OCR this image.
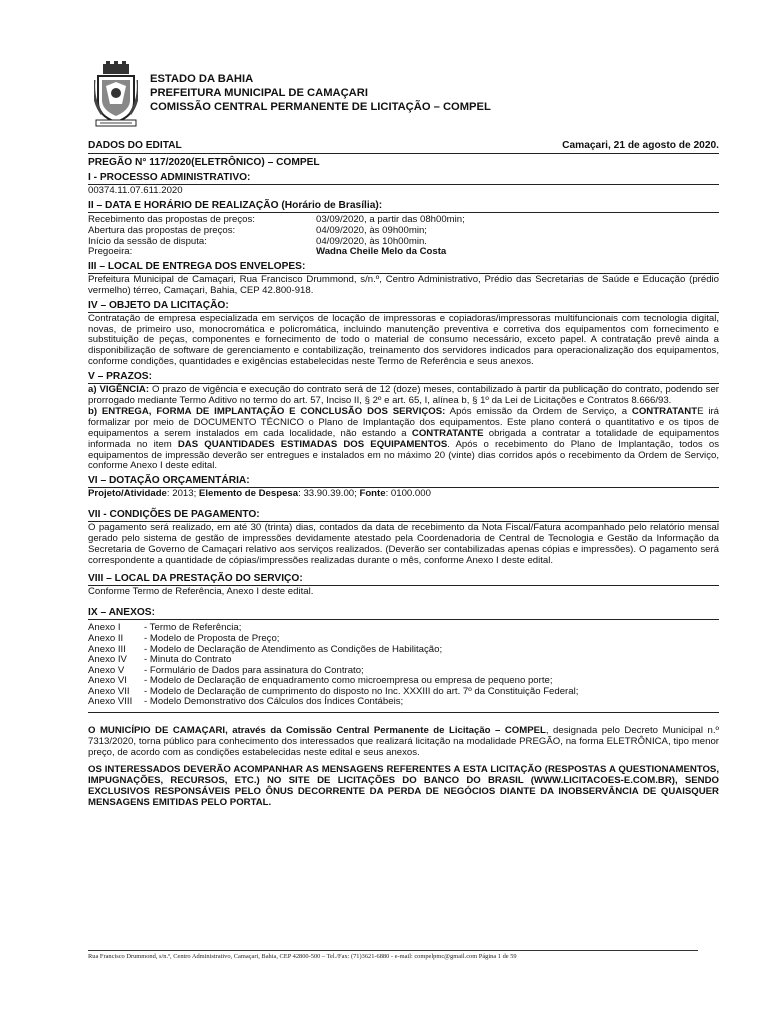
ESTADO DA BAHIA
PREFEITURA MUNICIPAL DE CAMAÇARI
COMISSÃO CENTRAL PERMANENTE DE LICITAÇÃO – COMPEL
DADOS DO EDITAL	Camaçari, 21 de agosto de 2020.
PREGÃO N° 117/2020(ELETRÔNICO) – COMPEL
I - PROCESSO ADMINISTRATIVO:
00374.11.07.611.2020
II – DATA E HORÁRIO DE REALIZAÇÃO (Horário de Brasília):
Recebimento das propostas de preços:	03/09/2020, a partir das 08h00min;
Abertura das propostas de preços:	04/09/2020, às 09h00min;
Início da sessão de disputa:	04/09/2020, às 10h00min.
Pregoeira:	Wadna Cheile Melo da Costa
III – LOCAL DE ENTREGA DOS ENVELOPES:
Prefeitura Municipal de Camaçari, Rua Francisco Drummond, s/n.º, Centro Administrativo, Prédio das Secretarias de Saúde e Educação (prédio vermelho) térreo, Camaçari, Bahia, CEP 42.800-918.
IV – OBJETO DA LICITAÇÃO:
Contratação de empresa especializada em serviços de locação de impressoras e copiadoras/impressoras multifuncionais com tecnologia digital, novas, de primeiro uso, monocromática e policromática, incluindo manutenção preventiva e corretiva dos equipamentos com fornecimento e substituição de peças, componentes e fornecimento de todo o material de consumo necessário, exceto papel. A contratação prevê ainda a disponibilização de software de gerenciamento e contabilização, treinamento dos servidores indicados para operacionalização dos equipamentos, conforme condições, quantidades e exigências estabelecidas neste Termo de Referência e seus anexos.
V – PRAZOS:
a) VIGÊNCIA: O prazo de vigência e execução do contrato será de 12 (doze) meses, contabilizado à partir da publicação do contrato, podendo ser prorrogado mediante Termo Aditivo no termo do art. 57, Inciso II, § 2º e art. 65, I, alínea b, § 1º da Lei de Licitações e Contratos 8.666/93.
b) ENTREGA, FORMA DE IMPLANTAÇÃO E CONCLUSÃO DOS SERVIÇOS: Após emissão da Ordem de Serviço, a CONTRATANTE irá formalizar por meio de DOCUMENTO TÉCNICO o Plano de Implantação dos equipamentos. Este plano conterá o quantitativo e os tipos de equipamentos a serem instalados em cada localidade, não estando a CONTRATANTE obrigada a contratar a totalidade de equipamentos informada no item DAS QUANTIDADES ESTIMADAS DOS EQUIPAMENTOS. Após o recebimento do Plano de Implantação, todos os equipamentos de impressão deverão ser entregues e instalados em no máximo 20 (vinte) dias corridos após o recebimento da Ordem de Serviço, conforme Anexo I deste edital.
VI – DOTAÇÃO ORÇAMENTÁRIA:
Projeto/Atividade: 2013; Elemento de Despesa: 33.90.39.00; Fonte: 0100.000
VII - CONDIÇÕES DE PAGAMENTO:
O pagamento será realizado, em até 30 (trinta) dias, contados da data de recebimento da Nota Fiscal/Fatura acompanhado pelo relatório mensal gerado pelo sistema de gestão de impressões devidamente atestado pela Coordenadoria de Central de Tecnologia e Gestão da Informação da Secretaria de Governo de Camaçari relativo aos serviços realizados. (Deverão ser contabilizadas apenas cópias e impressões). O pagamento será correspondente a quantidade de cópias/impressões realizadas durante o mês, conforme Anexo I deste edital.
VIII – LOCAL DA PRESTAÇÃO DO SERVIÇO:
Conforme Termo de Referência, Anexo I deste edital.
IX – ANEXOS:
Anexo I	- Termo de Referência;
Anexo II	- Modelo de Proposta de Preço;
Anexo III	- Modelo de Declaração de Atendimento as Condições de Habilitação;
Anexo IV	- Minuta do Contrato
Anexo V	- Formulário de Dados para assinatura do Contrato;
Anexo VI	- Modelo de Declaração de enquadramento como microempresa ou empresa de pequeno porte;
Anexo VII	- Modelo de Declaração de cumprimento do disposto no Inc. XXXIII do art. 7º da Constituição Federal;
Anexo VIII	- Modelo Demonstrativo dos Cálculos dos Índices Contábeis;
O MUNICÍPIO DE CAMAÇARI, através da Comissão Central Permanente de Licitação – COMPEL, designada pelo Decreto Municipal n.º 7313/2020, torna público para conhecimento dos interessados que realizará licitação na modalidade PREGÃO, na forma ELETRÔNICA, tipo menor preço, de acordo com as condições estabelecidas neste edital e seus anexos.
OS INTERESSADOS DEVERÃO ACOMPANHAR AS MENSAGENS REFERENTES A ESTA LICITAÇÃO (RESPOSTAS A QUESTIONAMENTOS, IMPUGNAÇÕES, RECURSOS, ETC.) NO SITE DE LICITAÇÕES DO BANCO DO BRASIL (WWW.LICITACOES-E.COM.BR), SENDO EXCLUSIVOS RESPONSÁVEIS PELO ÔNUS DECORRENTE DA PERDA DE NEGÓCIOS DIANTE DA INOBSERVÂNCIA DE QUAISQUER MENSAGENS EMITIDAS PELO PORTAL.
Rua Francisco Drummond, s/n.º, Centro Administrativo, Camaçari, Bahia, CEP 42800-500 – Tel./Fax: (71)3621-6880 - e-mail: compelpmc@gmail.com Página 1 de 59
